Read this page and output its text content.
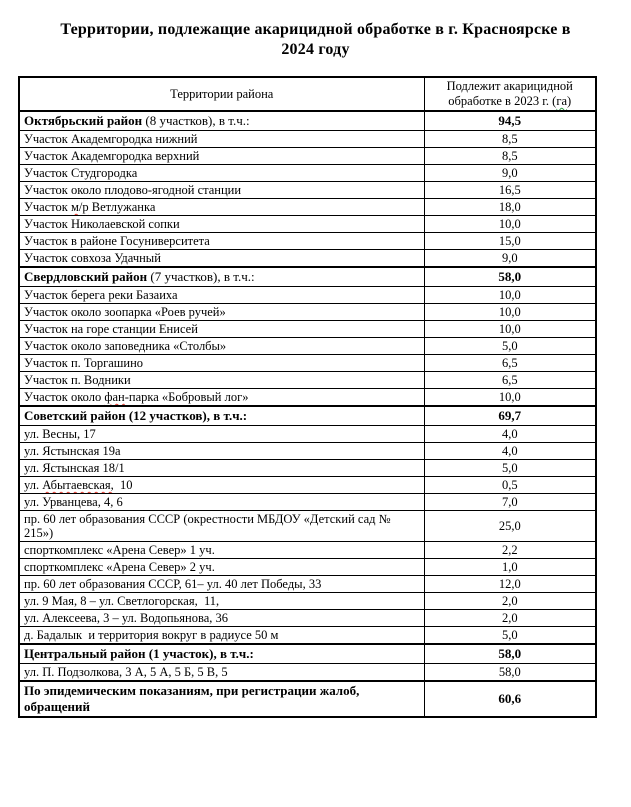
Территории, подлежащие акарицидной обработке в г. Красноярске в
2024 году
Территории района	Подлежит акарицидной обработке в 2023 г. (га)
Октябрьский район (8 участков), в т.ч.:	94,5
Участок Академгородка нижний	8,5
Участок Академгородка верхний	8,5
Участок Студгородка	9,0
Участок около плодово-ягодной станции	16,5
Участок м/р Ветлужанка	18,0
Участок Николаевской сопки	10,0
Участок в районе Госуниверситета	15,0
Участок совхоза Удачный	9,0
Свердловский район (7 участков), в т.ч.:	58,0
Участок берега реки Базаиха	10,0
Участок около зоопарка «Роев ручей»	10,0
Участок на горе станции Енисей	10,0
Участок около заповедника «Столбы»	5,0
Участок п. Торгашино	6,5
Участок п. Водники	6,5
Участок около фан-парка «Бобровый лог»	10,0
Советский район (12 участков), в т.ч.:	69,7
ул. Весны, 17	4,0
ул. Ястынская 19а	4,0
ул. Ястынская 18/1	5,0
ул. Абытаевская,  10	0,5
ул. Урванцева, 4, 6	7,0
пр. 60 лет образования СССР (окрестности МБДОУ «Детский сад № 215»)	25,0
спорткомплекс «Арена Север» 1 уч.	2,2
спорткомплекс «Арена Север» 2 уч.	1,0
пр. 60 лет образования СССР, 61– ул. 40 лет Победы, 33	12,0
ул. 9 Мая, 8 – ул. Светлогорская,  11,	2,0
ул. Алексеева, 3 – ул. Водопьянова, 36	2,0
д. Бадалык  и территория вокруг в радиусе 50 м	5,0
Центральный район (1 участок), в т.ч.:	58,0
ул. П. Подзолкова, 3 А, 5 А, 5 Б, 5 В, 5	58,0
По эпидемическим показаниям, при регистрации жалоб, обращений	60,6
